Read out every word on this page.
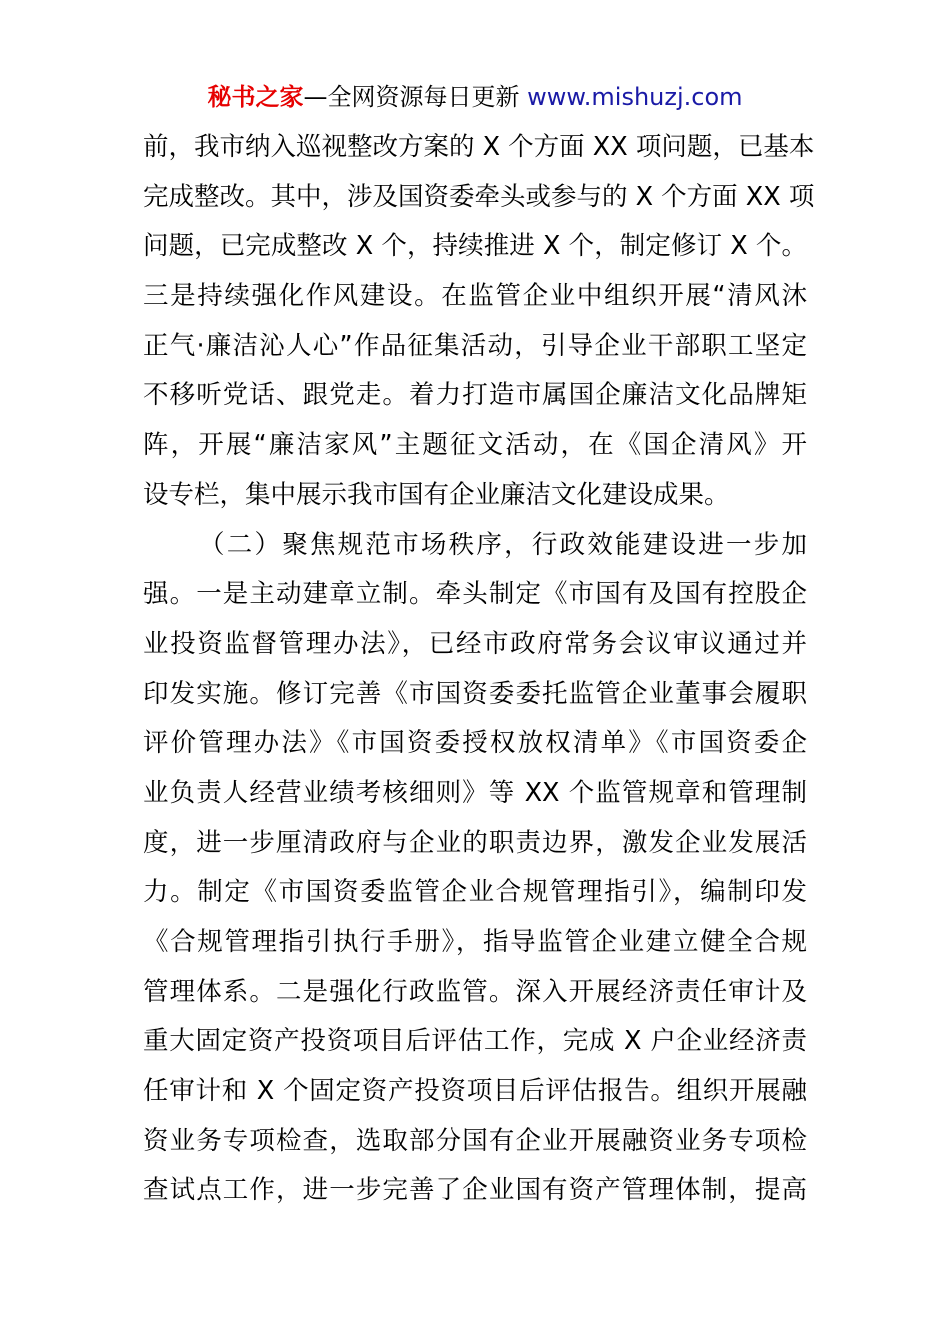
秘书之家—全网资源每日更新 www.mishuzj.com
前，我市纳入巡视整改方案的 X 个方面 XX 项问题，已基本
完成整改。其中，涉及国资委牵头或参与的 X 个方面 XX 项
问题，已完成整改 X 个，持续推进 X 个，制定修订 X 个。
三是持续强化作风建设。在监管企业中组织开展“清风沐
正气·廉洁沁人心”作品征集活动，引导企业干部职工坚定
不移听党话、跟党走。着力打造市属国企廉洁文化品牌矩
阵，开展“廉洁家风”主题征文活动，在《国企清风》开
设专栏，集中展示我市国有企业廉洁文化建设成果。
（二）聚焦规范市场秩序，行政效能建设进一步加
强。一是主动建章立制。牵头制定《市国有及国有控股企
业投资监督管理办法》，已经市政府常务会议审议通过并
印发实施。修订完善《市国资委委托监管企业董事会履职
评价管理办法》《市国资委授权放权清单》《市国资委企
业负责人经营业绩考核细则》等 XX 个监管规章和管理制
度，进一步厘清政府与企业的职责边界，激发企业发展活
力。制定《市国资委监管企业合规管理指引》，编制印发
《合规管理指引执行手册》，指导监管企业建立健全合规
管理体系。二是强化行政监管。深入开展经济责任审计及
重大固定资产投资项目后评估工作，完成 X 户企业经济责
任审计和 X 个固定资产投资项目后评估报告。组织开展融
资业务专项检查，选取部分国有企业开展融资业务专项检
查试点工作，进一步完善了企业国有资产管理体制，提高
